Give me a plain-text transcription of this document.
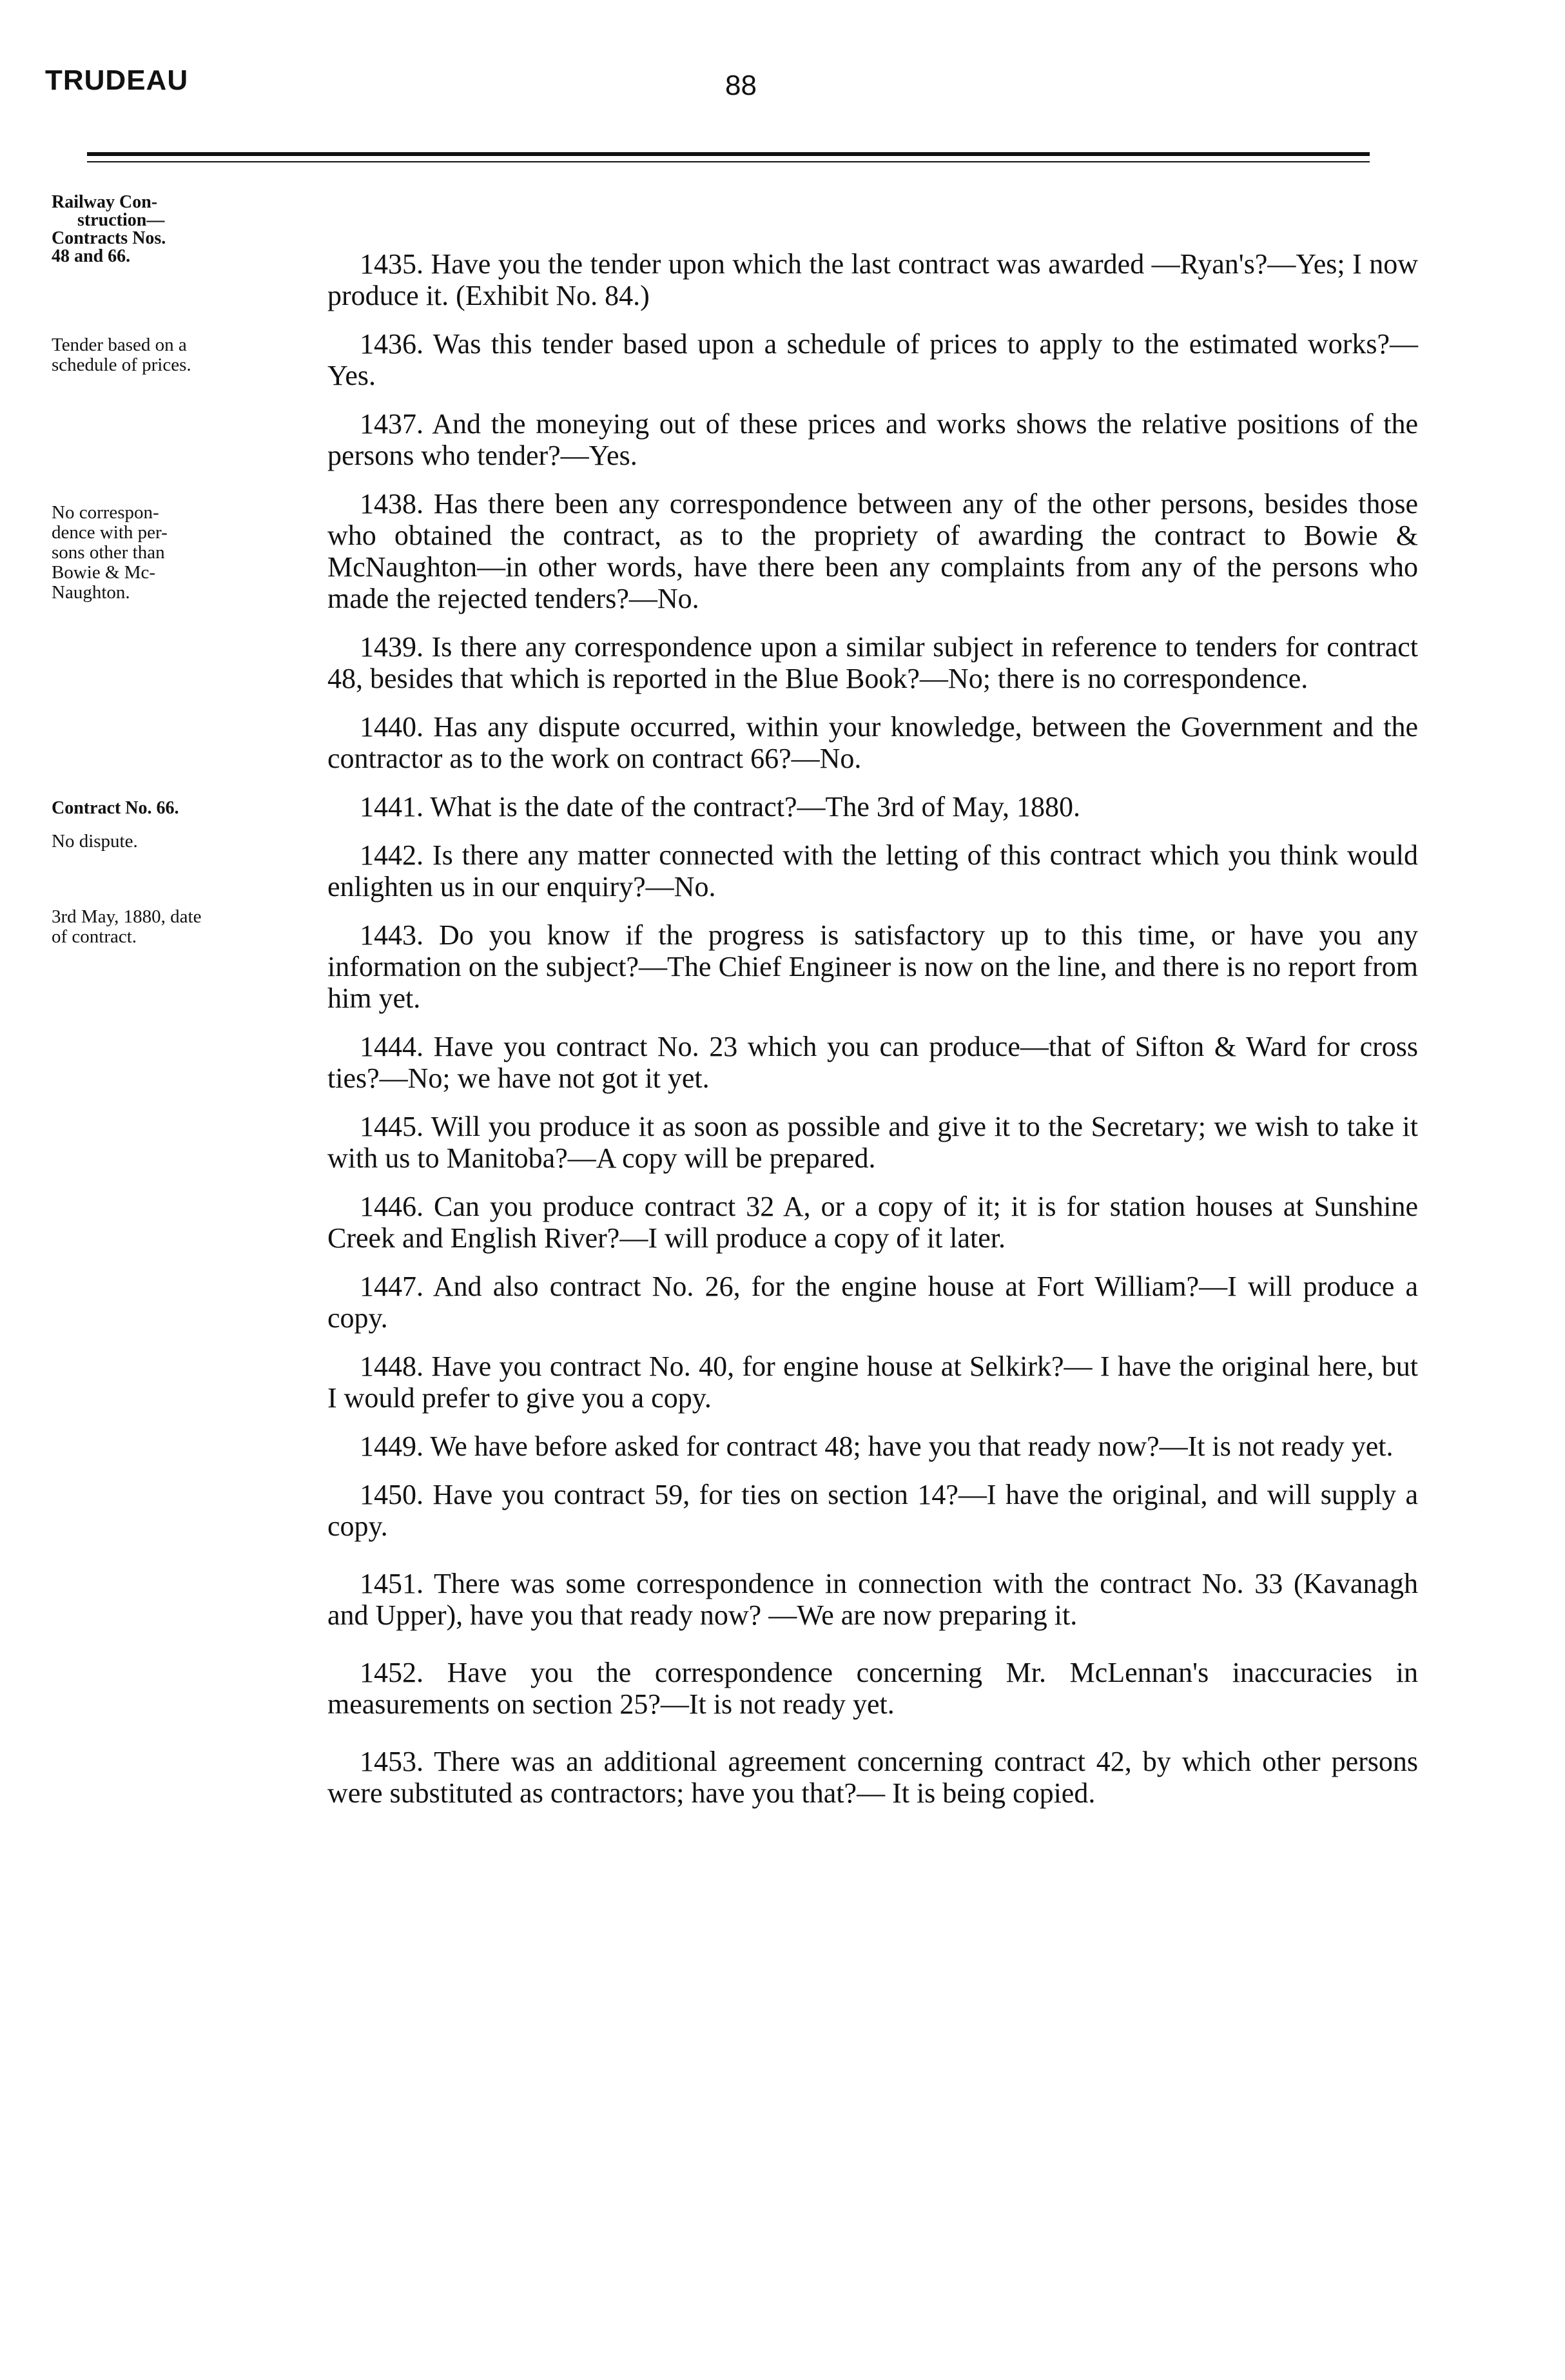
TRUDEAU	88
Railway Con-
struction—
Contracts Nos.
48 and 66.
Tender based on a
schedule of prices.
No correspon-
dence with per-
sons other than
Bowie & Mc-
Naughton.
Contract No. 66.
No dispute.
3rd May, 1880, date
of contract.

1435. Have you the tender upon which the last contract was awarded —Ryan's?—Yes; I now produce it. (Exhibit No. 84.)

1436. Was this tender based upon a schedule of prices to apply to the estimated works?—Yes.

1437. And the moneying out of these prices and works shows the relative positions of the persons who tender?—Yes.

1438. Has there been any correspondence between any of the other persons, besides those who obtained the contract, as to the propriety of awarding the contract to Bowie & McNaughton—in other words, have there been any complaints from any of the persons who made the rejected tenders?—No.

1439. Is there any correspondence upon a similar subject in reference to tenders for contract 48, besides that which is reported in the Blue Book?—No; there is no correspondence.

1440. Has any dispute occurred, within your knowledge, between the Government and the contractor as to the work on contract 66?—No.

1441. What is the date of the contract?—The 3rd of May, 1880.

1442. Is there any matter connected with the letting of this contract which you think would enlighten us in our enquiry?—No.

1443. Do you know if the progress is satisfactory up to this time, or have you any information on the subject?—The Chief Engineer is now on the line, and there is no report from him yet.

1444. Have you contract No. 23 which you can produce—that of Sifton & Ward for cross ties?—No; we have not got it yet.

1445. Will you produce it as soon as possible and give it to the Secretary; we wish to take it with us to Manitoba?—A copy will be prepared.

1446. Can you produce contract 32 A, or a copy of it; it is for station houses at Sunshine Creek and English River?—I will produce a copy of it later.

1447. And also contract No. 26, for the engine house at Fort William?—I will produce a copy.

1448. Have you contract No. 40, for engine house at Selkirk?— I have the original here, but I would prefer to give you a copy.

1449. We have before asked for contract 48; have you that ready now?—It is not ready yet.

1450. Have you contract 59, for ties on section 14?—I have the original, and will supply a copy.

1451. There was some correspondence in connection with the contract No. 33 (Kavanagh and Upper), have you that ready now? —We are now preparing it.

1452. Have you the correspondence concerning Mr. McLennan's inaccuracies in measurements on section 25?—It is not ready yet.

1453. There was an additional agreement concerning contract 42, by which other persons were substituted as contractors; have you that?— It is being copied.
